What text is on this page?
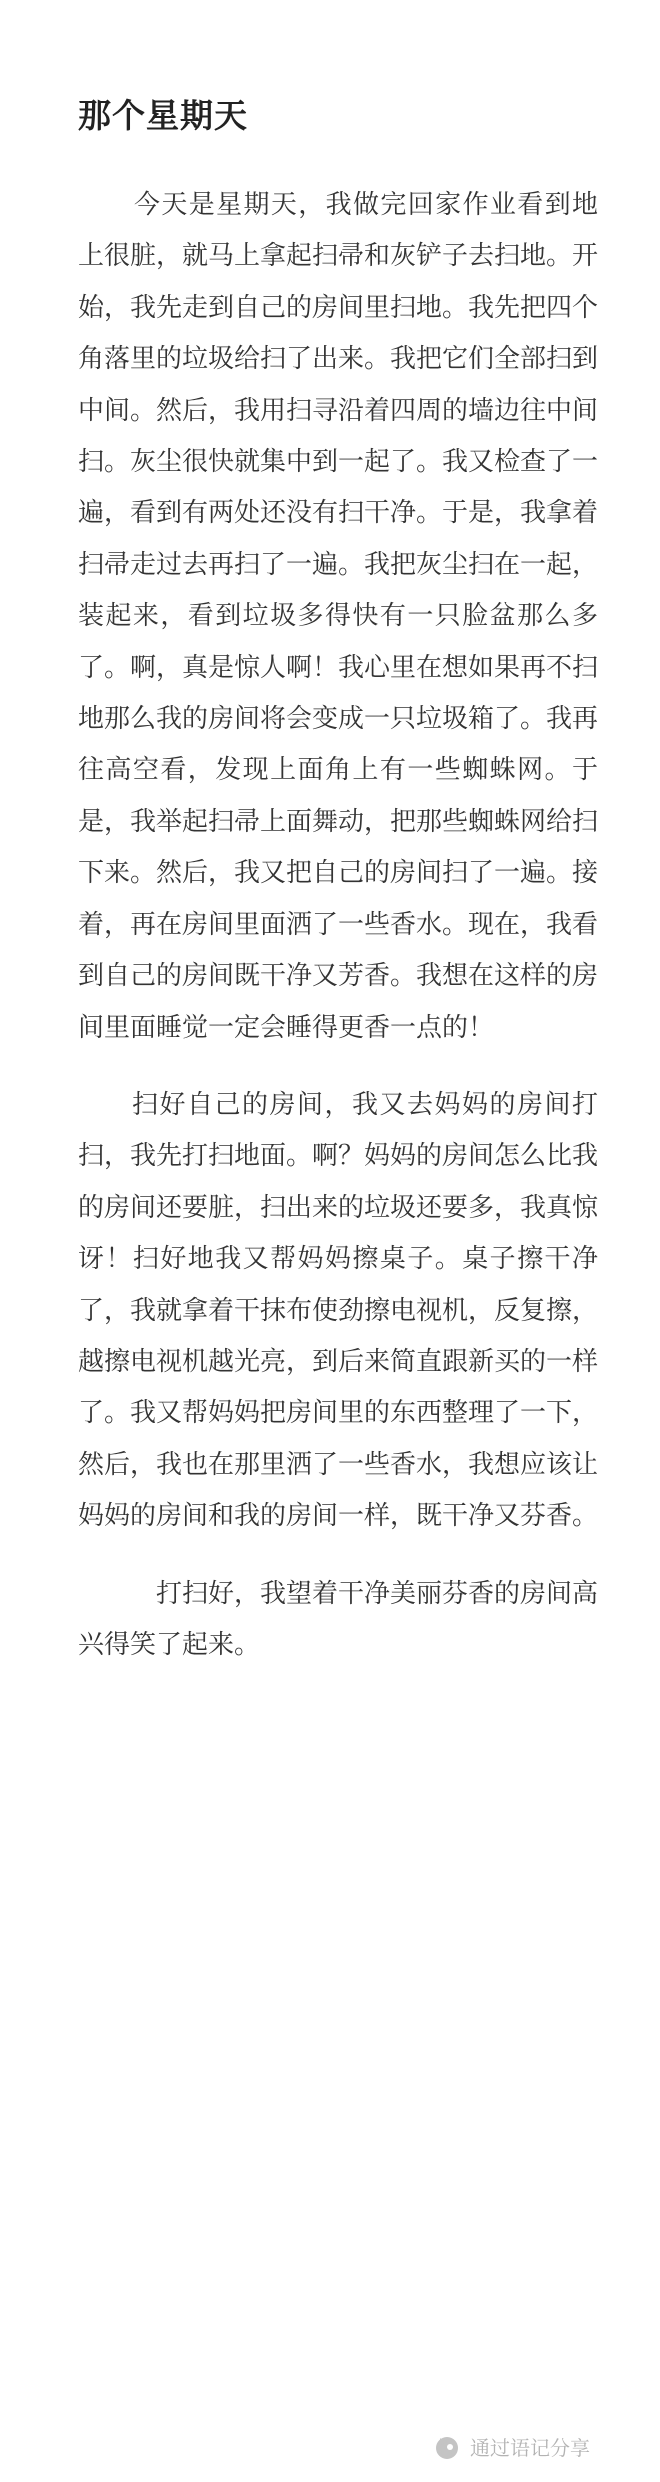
那个星期天

今天是星期天，我做完回家作业看到地上很脏，就马上拿起扫帚和灰铲子去扫地。开始，我先走到自己的房间里扫地。我先把四个角落里的垃圾给扫了出来。我把它们全部扫到中间。然后，我用扫寻沿着四周的墙边往中间扫。灰尘很快就集中到一起了。我又检查了一遍，看到有两处还没有扫干净。于是，我拿着扫帚走过去再扫了一遍。我把灰尘扫在一起，装起来，看到垃圾多得快有一只脸盆那么多了。啊，真是惊人啊！我心里在想如果再不扫地那么我的房间将会变成一只垃圾箱了。我再往高空看，发现上面角上有一些蜘蛛网。于是，我举起扫帚上面舞动，把那些蜘蛛网给扫下来。然后，我又把自己的房间扫了一遍。接着，再在房间里面洒了一些香水。现在，我看到自己的房间既干净又芳香。我想在这样的房间里面睡觉一定会睡得更香一点的！

扫好自己的房间，我又去妈妈的房间打扫，我先打扫地面。啊？妈妈的房间怎么比我的房间还要脏，扫出来的垃圾还要多，我真惊讶！扫好地我又帮妈妈擦桌子。桌子擦干净了，我就拿着干抹布使劲擦电视机，反复擦，越擦电视机越光亮，到后来简直跟新买的一样了。我又帮妈妈把房间里的东西整理了一下，然后，我也在那里洒了一些香水，我想应该让妈妈的房间和我的房间一样，既干净又芬香。

打扫好，我望着干净美丽芬香的房间高兴得笑了起来。

通过语记分享
